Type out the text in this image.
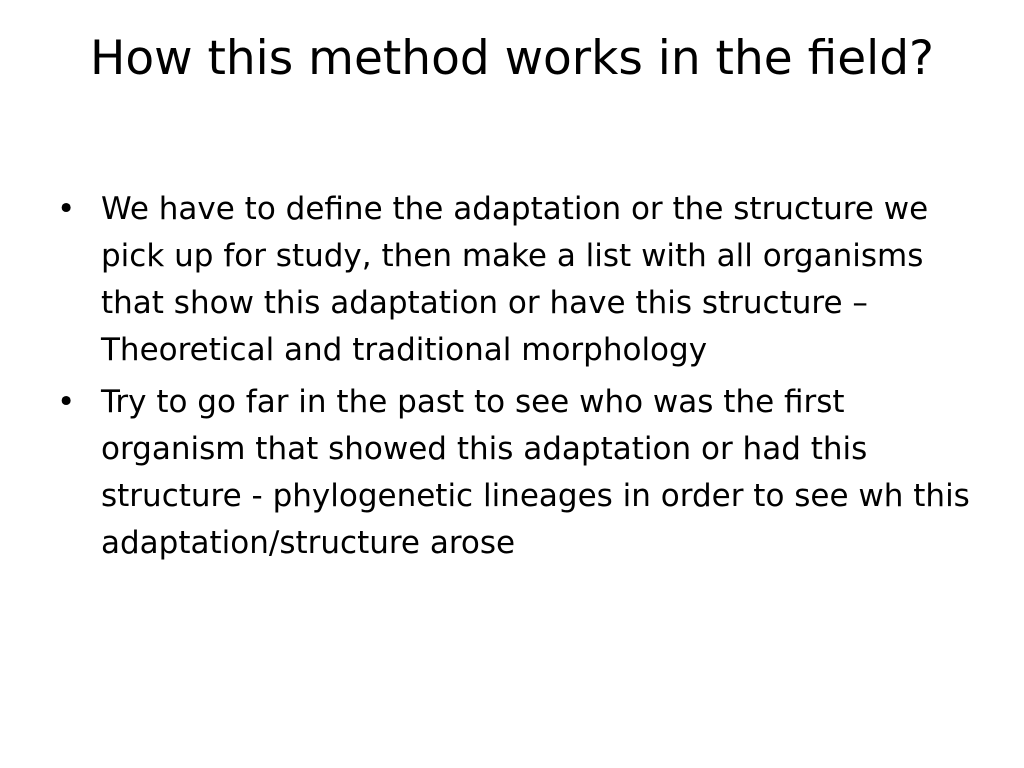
How this method works in the field?
• We have to define the adaptation or the structure we pick up for study, then make a list with all organisms that show this adaptation or have this structure – Theoretical and traditional morphology
• Try to go far in the past to see who was the first organism that showed this adaptation or had this structure - phylogenetic lineages in order to see wh this adaptation/structure arose
